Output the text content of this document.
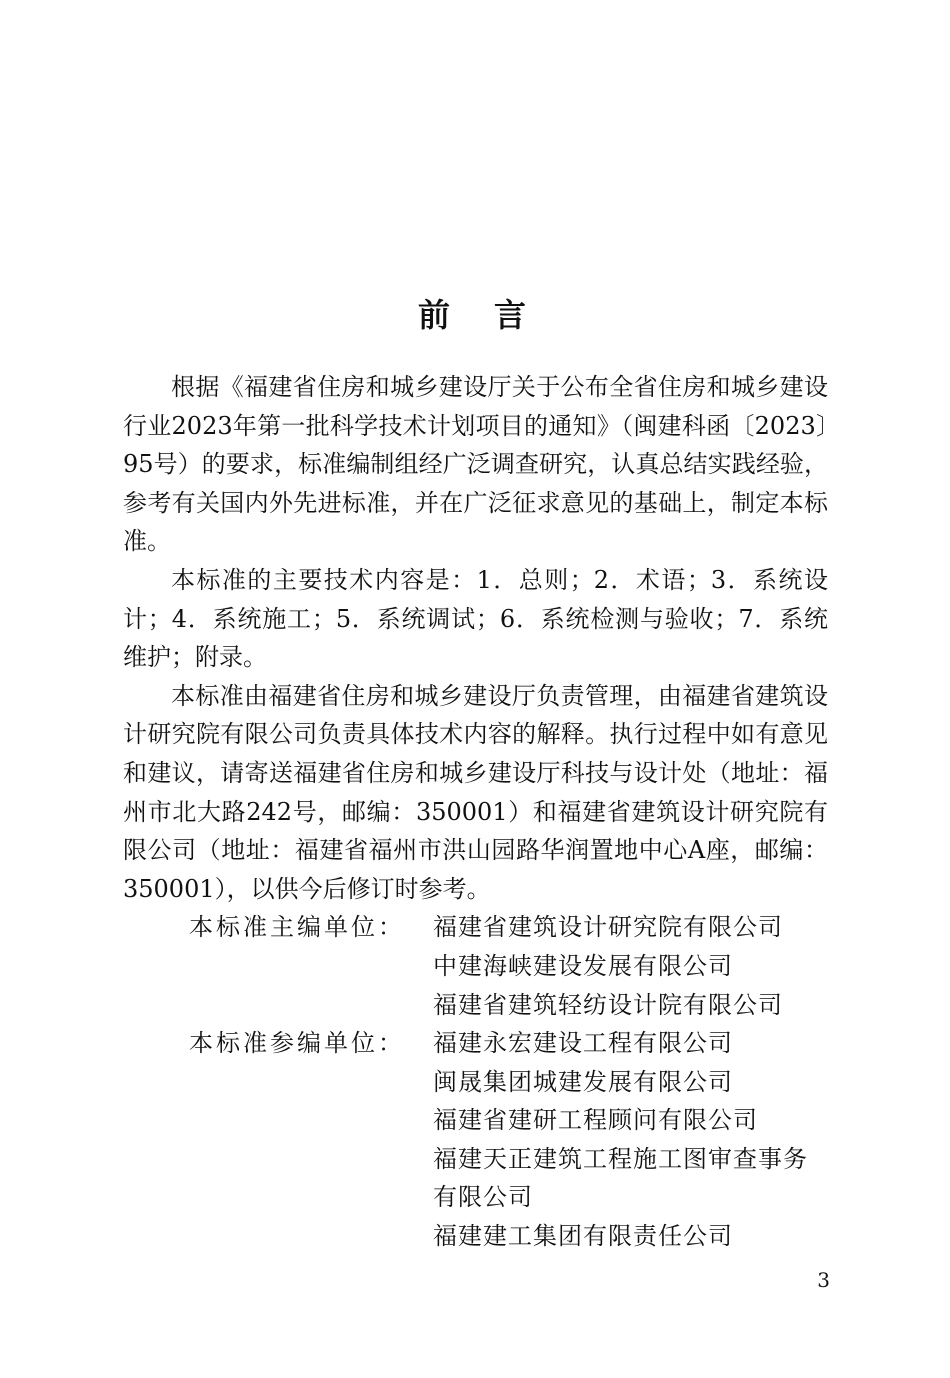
前　言

根据《福建省住房和城乡建设厅关于公布全省住房和城乡建设行业2023年第一批科学技术计划项目的通知》（闽建科函〔2023〕95号）的要求，标准编制组经广泛调查研究，认真总结实践经验，参考有关国内外先进标准，并在广泛征求意见的基础上，制定本标准。

本标准的主要技术内容是：1．总则；2．术语；3．系统设计；4．系统施工；5．系统调试；6．系统检测与验收；7．系统维护；附录。

本标准由福建省住房和城乡建设厅负责管理，由福建省建筑设计研究院有限公司负责具体技术内容的解释。执行过程中如有意见和建议，请寄送福建省住房和城乡建设厅科技与设计处（地址：福州市北大路242号，邮编：350001）和福建省建筑设计研究院有限公司（地址：福建省福州市洪山园路华润置地中心A座，邮编：350001），以供今后修订时参考。

本标准主编单位：	福建省建筑设计研究院有限公司
中建海峡建设发展有限公司
福建省建筑轻纺设计院有限公司
本标准参编单位：	福建永宏建设工程有限公司
闽晟集团城建发展有限公司
福建省建研工程顾问有限公司
福建天正建筑工程施工图审查事务
有限公司
福建建工集团有限责任公司
3
